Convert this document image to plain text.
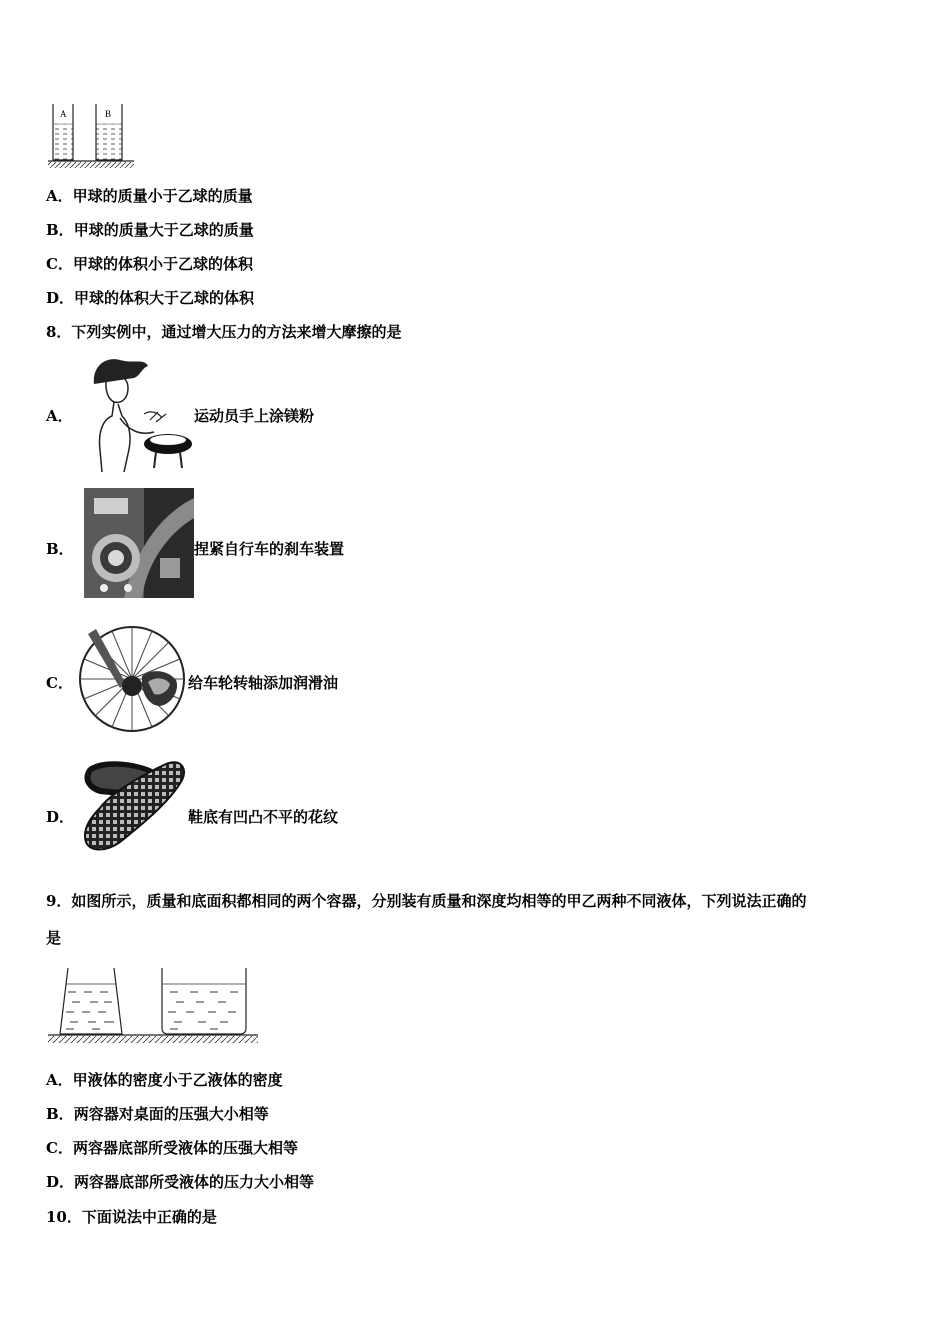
A	B
A．甲球的质量小于乙球的质量
B．甲球的质量大于乙球的质量
C．甲球的体积小于乙球的体积
D．甲球的体积大于乙球的体积
8．下列实例中，通过增大压力的方法来增大摩擦的是
A．	运动员手上涂镁粉
B．	捏紧自行车的刹车装置
C．	给车轮转轴添加润滑油
D．	鞋底有凹凸不平的花纹
9．如图所示，质量和底面积都相同的两个容器，分别装有质量和深度均相等的甲乙两种不同液体，下列说法正确的
是
A．甲液体的密度小于乙液体的密度
B．两容器对桌面的压强大小相等
C．两容器底部所受液体的压强大相等
D．两容器底部所受液体的压力大小相等
10．下面说法中正确的是
